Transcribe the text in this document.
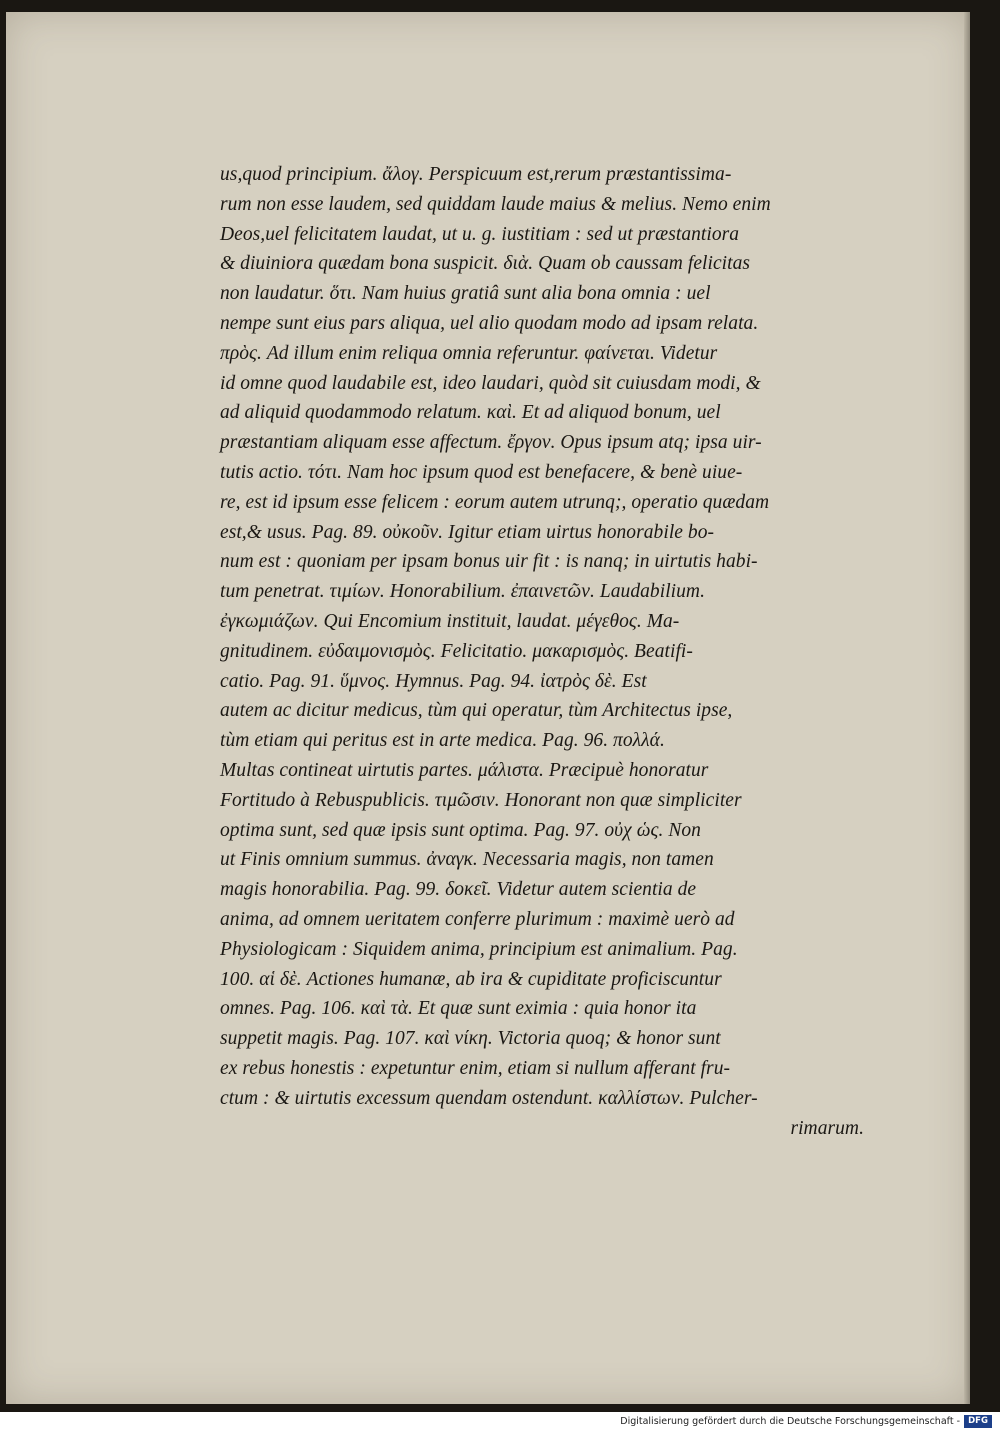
us,quod principium. ἄλογ. Perspicuum est,rerum præstantissima-
rum non esse laudem, sed quiddam laude maius & melius. Nemo enim
Deos,uel felicitatem laudat, ut u. g. iustitiam : sed ut præstantiora
& diuiniora quædam bona suspicit. διὰ. Quam ob caussam felicitas
non laudatur. ὅτι. Nam huius gratiâ sunt alia bona omnia : uel
nempe sunt eius pars aliqua, uel alio quodam modo ad ipsam relata.
πρὸς. Ad illum enim reliqua omnia referuntur. φαίνεται. Videtur
id omne quod laudabile est, ideo laudari, quòd sit cuiusdam modi, &
ad aliquid quodammodo relatum. καὶ. Et ad aliquod bonum, uel
præstantiam aliquam esse affectum. ἔργον. Opus ipsum atq; ipsa uir-
tutis actio. τότι. Nam hoc ipsum quod est benefacere, & benè uiue-
re, est id ipsum esse felicem : eorum autem utrunq;, operatio quædam
est,& usus. Pag. 89. οὐκοῦν. Igitur etiam uirtus honorabile bo-
num est : quoniam per ipsam bonus uir fit : is nanq; in uirtutis habi-
tum penetrat. τιμίων. Honorabilium. ἐπαινετῶν. Laudabilium.
ἐγκωμιάζων. Qui Encomium instituit, laudat. μέγεθος. Ma-
gnitudinem. εὐδαιμονισμὸς. Felicitatio. μακαρισμὸς. Beatifi-
catio. Pag. 91. ὕμνος. Hymnus. Pag. 94. ἰατρὸς δὲ. Est
autem ac dicitur medicus, tùm qui operatur, tùm Architectus ipse,
tùm etiam qui peritus est in arte medica. Pag. 96. πολλά.
Multas contineat uirtutis partes. μάλιστα. Præcipuè honoratur
Fortitudo à Rebuspublicis. τιμῶσιν. Honorant non quæ simpliciter
optima sunt, sed quæ ipsis sunt optima. Pag. 97. οὐχ ὡς. Non
ut Finis omnium summus. ἀναγκ. Necessaria magis, non tamen
magis honorabilia. Pag. 99. δοκεῖ. Videtur autem scientia de
anima, ad omnem ueritatem conferre plurimum : maximè uerò ad
Physiologicam : Siquidem anima, principium est animalium. Pag.
100. αἱ δὲ. Actiones humanæ, ab ira & cupiditate proficiscuntur
omnes. Pag. 106. καὶ τὰ. Et quæ sunt eximia : quia honor ita
suppetit magis. Pag. 107. καὶ νίκη. Victoria quoq; & honor sunt
ex rebus honestis : expetuntur enim, etiam si nullum afferant fru-
ctum : & uirtutis excessum quendam ostendunt. καλλίστων. Pulcher-
rimarum.
Digitalisierung gefördert durch die Deutsche Forschungsgemeinschaft - DFG
